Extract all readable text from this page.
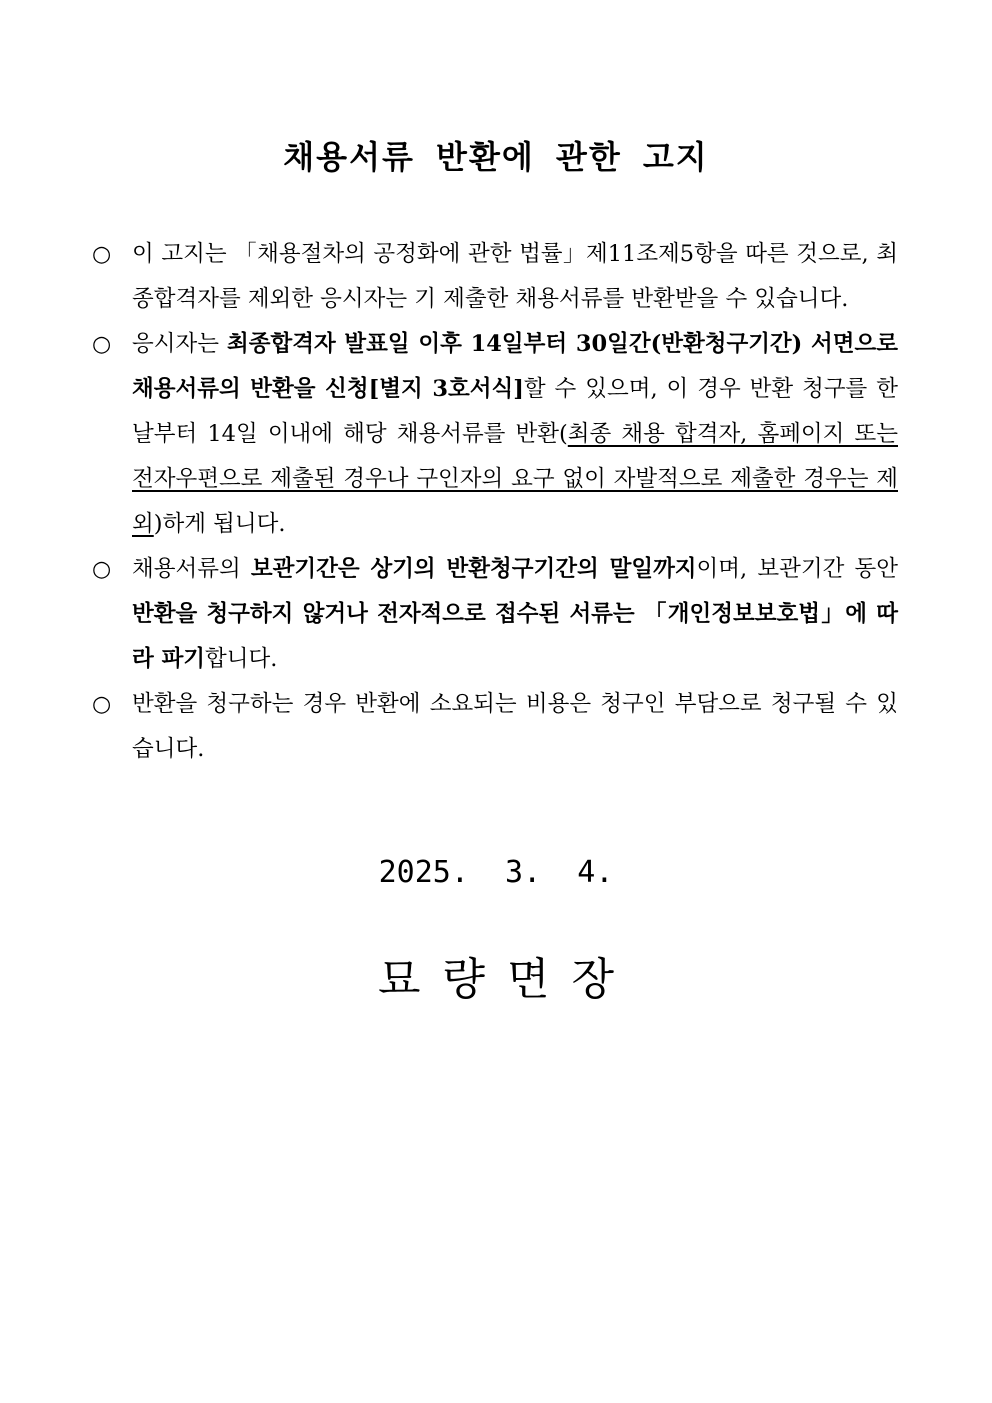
채용서류 반환에 관한 고지
○ 이 고지는 「채용절차의 공정화에 관한 법률」제11조제5항을 따른 것으로, 최종합격자를 제외한 응시자는 기 제출한 채용서류를 반환받을 수 있습니다.
○ 응시자는 최종합격자 발표일 이후 14일부터 30일간(반환청구기간) 서면으로 채용서류의 반환을 신청[별지 3호서식]할 수 있으며, 이 경우 반환 청구를 한 날부터 14일 이내에 해당 채용서류를 반환(최종 채용 합격자, 홈페이지 또는 전자우편으로 제출된 경우나 구인자의 요구 없이 자발적으로 제출한 경우는 제외)하게 됩니다.
○ 채용서류의 보관기간은 상기의 반환청구기간의 말일까지이며, 보관기간 동안 반환을 청구하지 않거나 전자적으로 접수된 서류는 「개인정보보호법」에 따라 파기합니다.
○ 반환을 청구하는 경우 반환에 소요되는 비용은 청구인 부담으로 청구될 수 있습니다.

2025.  3.  4.

묘량면장
